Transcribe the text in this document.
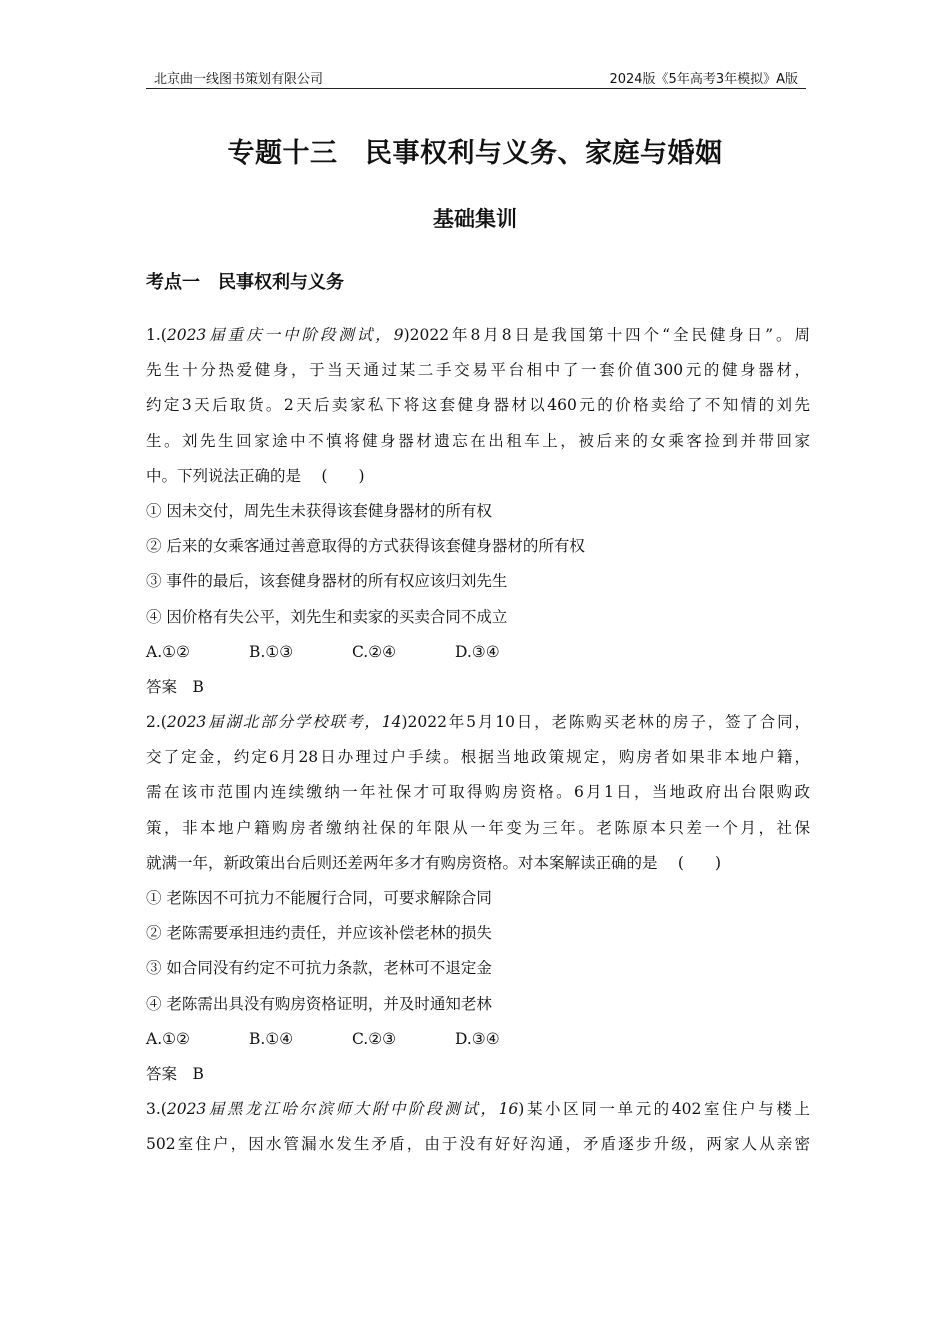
北京曲一线图书策划有限公司	2024版《5年高考3年模拟》A版
专题十三　民事权利与义务、家庭与婚姻
基础集训
考点一　民事权利与义务
1.(2023届重庆一中阶段测试，9)2022年8月8日是我国第十四个“全民健身日”。周
先生十分热爱健身，于当天通过某二手交易平台相中了一套价值300元的健身器材，
约定3天后取货。2天后卖家私下将这套健身器材以460元的价格卖给了不知情的刘先
生。刘先生回家途中不慎将健身器材遗忘在出租车上，被后来的女乘客捡到并带回家
中。下列说法正确的是　 (　　)
① 因未交付，周先生未获得该套健身器材的所有权
② 后来的女乘客通过善意取得的方式获得该套健身器材的所有权
③ 事件的最后，该套健身器材的所有权应该归刘先生
④ 因价格有失公平，刘先生和卖家的买卖合同不成立
A.①②	B.①③	C.②④	D.③④
答案　B
2.(2023届湖北部分学校联考，14)2022年5月10日，老陈购买老林的房子，签了合同，
交了定金，约定6月28日办理过户手续。根据当地政策规定，购房者如果非本地户籍，
需在该市范围内连续缴纳一年社保才可取得购房资格。6月1日，当地政府出台限购政
策，非本地户籍购房者缴纳社保的年限从一年变为三年。老陈原本只差一个月，社保
就满一年，新政策出台后则还差两年多才有购房资格。对本案解读正确的是　 (　　)
① 老陈因不可抗力不能履行合同，可要求解除合同
② 老陈需要承担违约责任，并应该补偿老林的损失
③ 如合同没有约定不可抗力条款，老林可不退定金
④ 老陈需出具没有购房资格证明，并及时通知老林
A.①②	B.①④	C.②③	D.③④
答案　B
3.(2023届黑龙江哈尔滨师大附中阶段测试，16)某小区同一单元的402室住户与楼上
502室住户，因水管漏水发生矛盾，由于没有好好沟通，矛盾逐步升级，两家人从亲密
